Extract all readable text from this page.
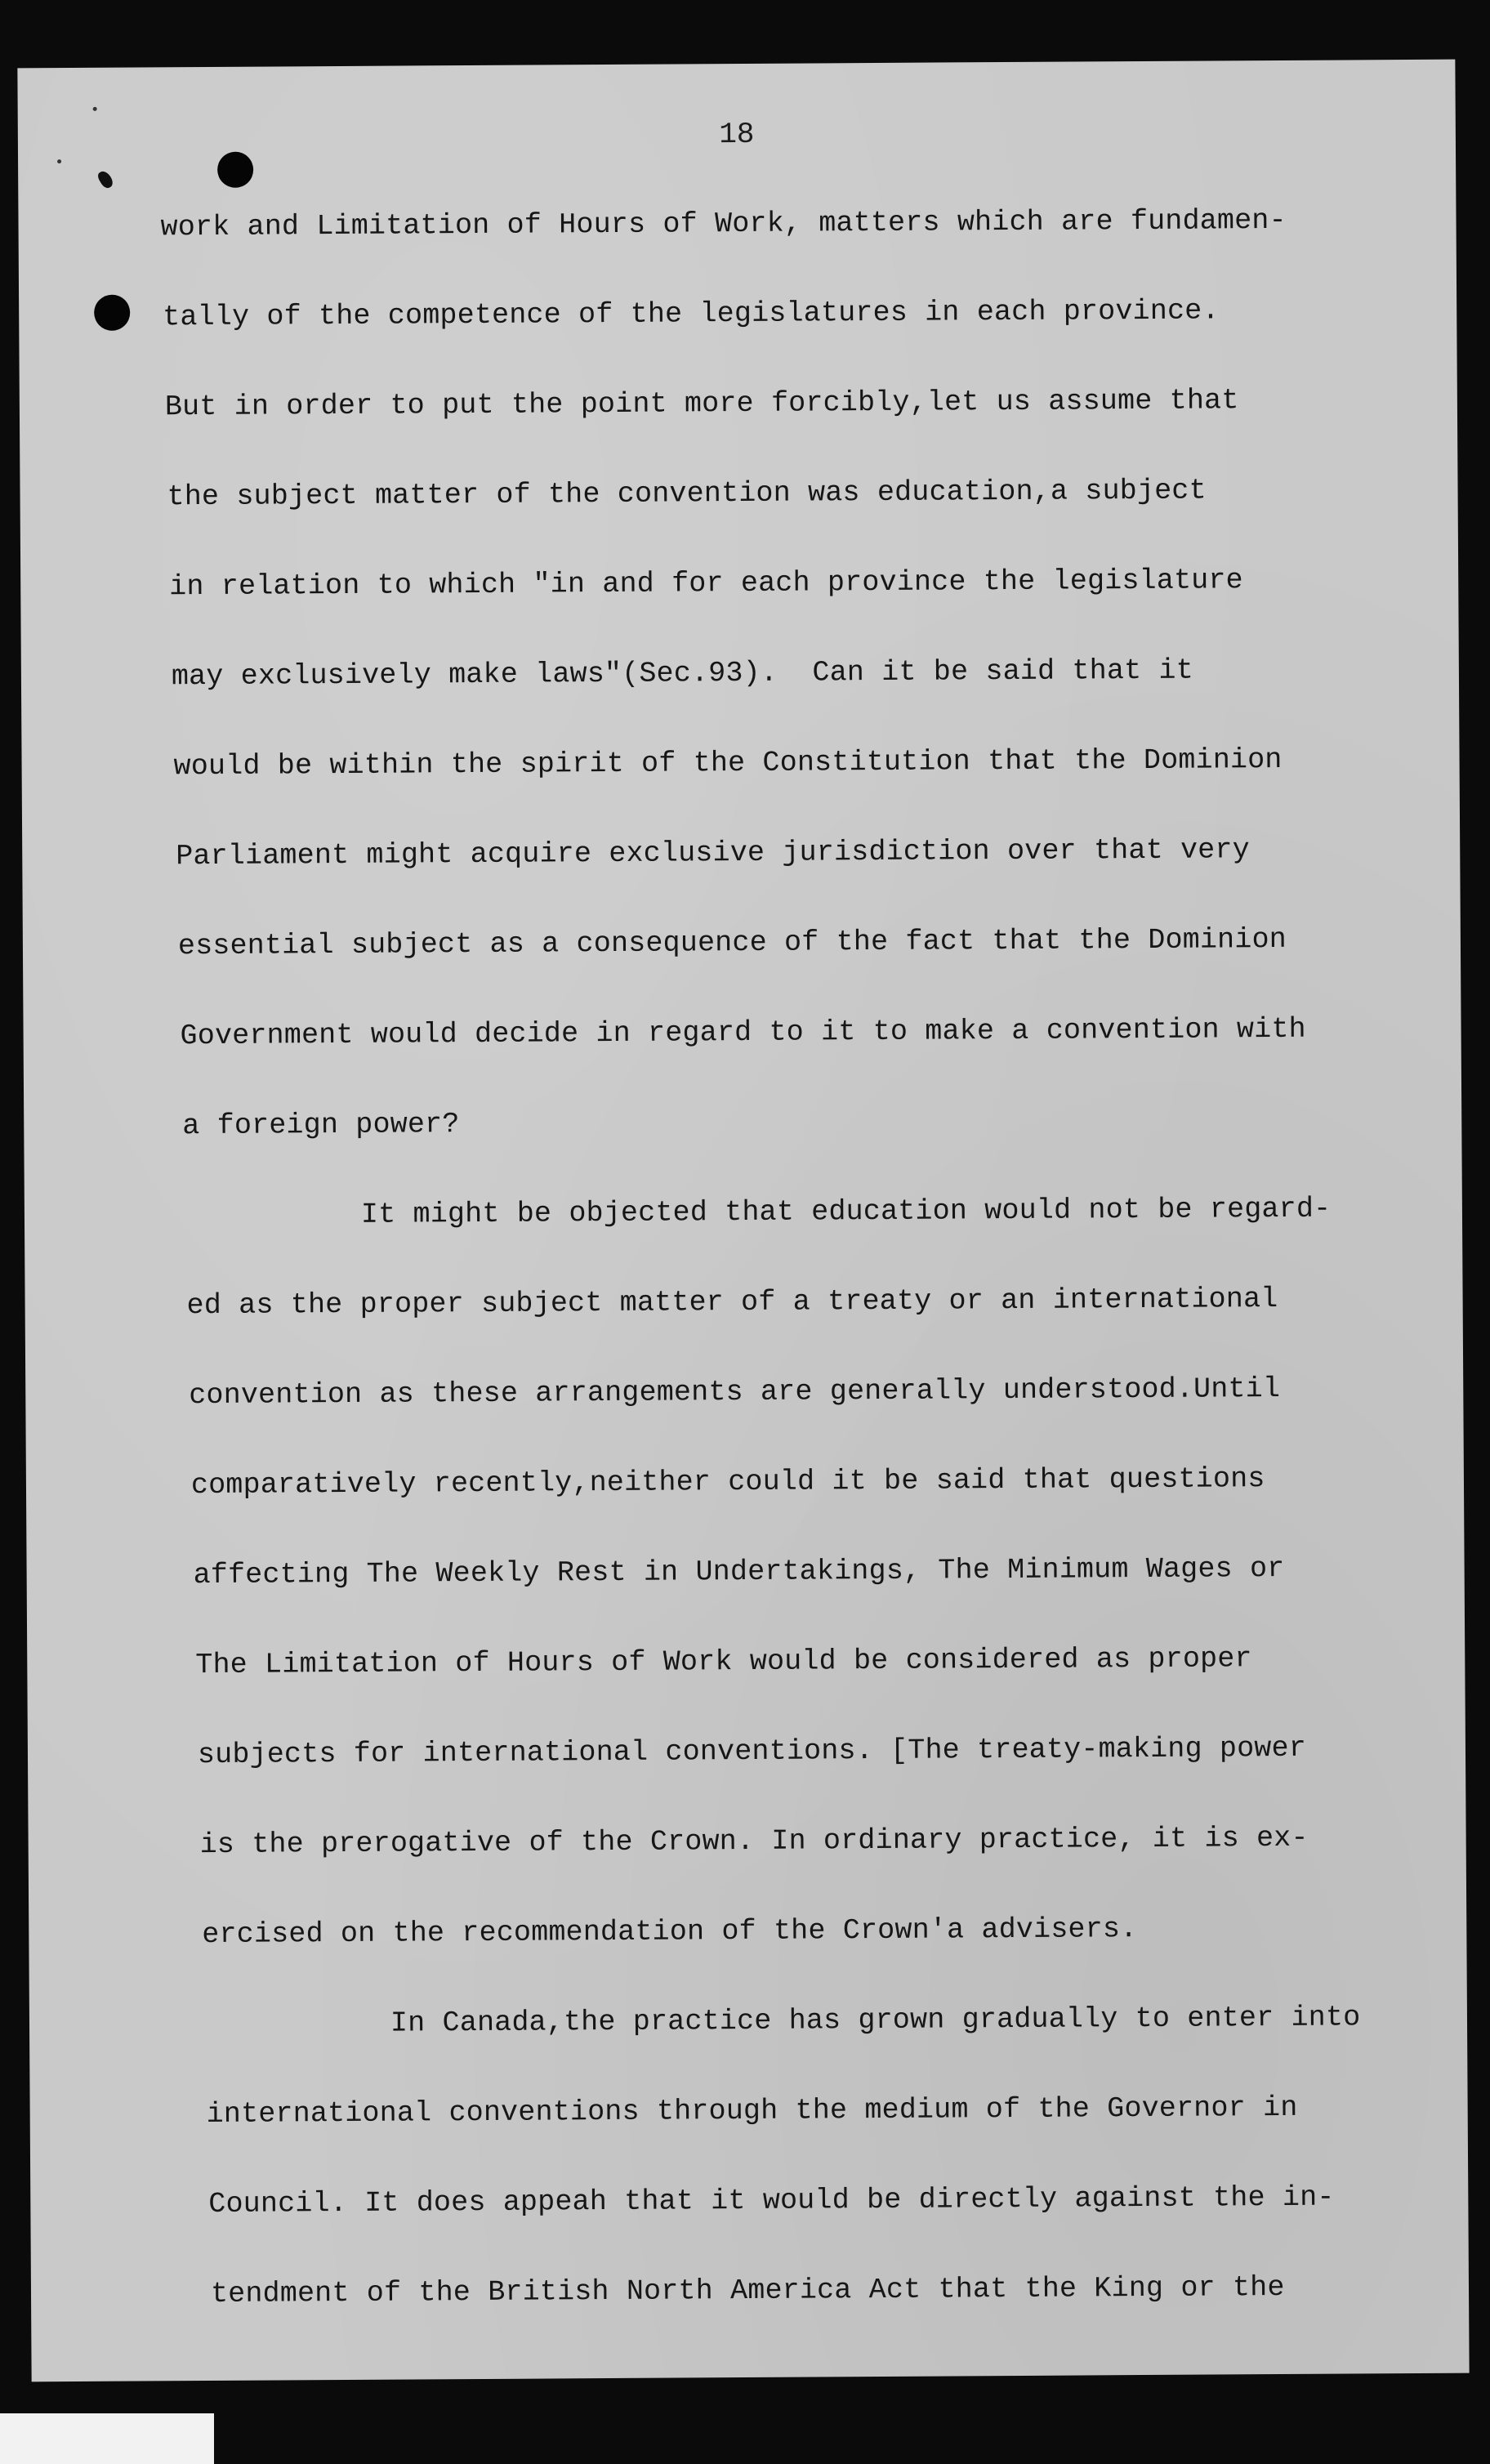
18
work and Limitation of Hours of Work, matters which are fundamen-
tally of the competence of the legislatures in each province.
But in order to put the point more forcibly,let us assume that
the subject matter of the convention was education,a subject
in relation to which "in and for each province the legislature
may exclusively make laws"(Sec.93).  Can it be said that it
would be within the spirit of the Constitution that the Dominion
Parliament might acquire exclusive jurisdiction over that very
essential subject as a consequence of the fact that the Dominion
Government would decide in regard to it to make a convention with
a foreign power?
It might be objected that education would not be regard-
ed as the proper subject matter of a treaty or an international
convention as these arrangements are generally understood.Until
comparatively recently,neither could it be said that questions
affecting The Weekly Rest in Undertakings, The Minimum Wages or
The Limitation of Hours of Work would be considered as proper
subjects for international conventions. [The treaty-making power
is the prerogative of the Crown. In ordinary practice, it is ex-
ercised on the recommendation of the Crown'a advisers.
In Canada,the practice has grown gradually to enter into
international conventions through the medium of the Governor in
Council. It does appeah that it would be directly against the in-
tendment of the British North America Act that the King or the
